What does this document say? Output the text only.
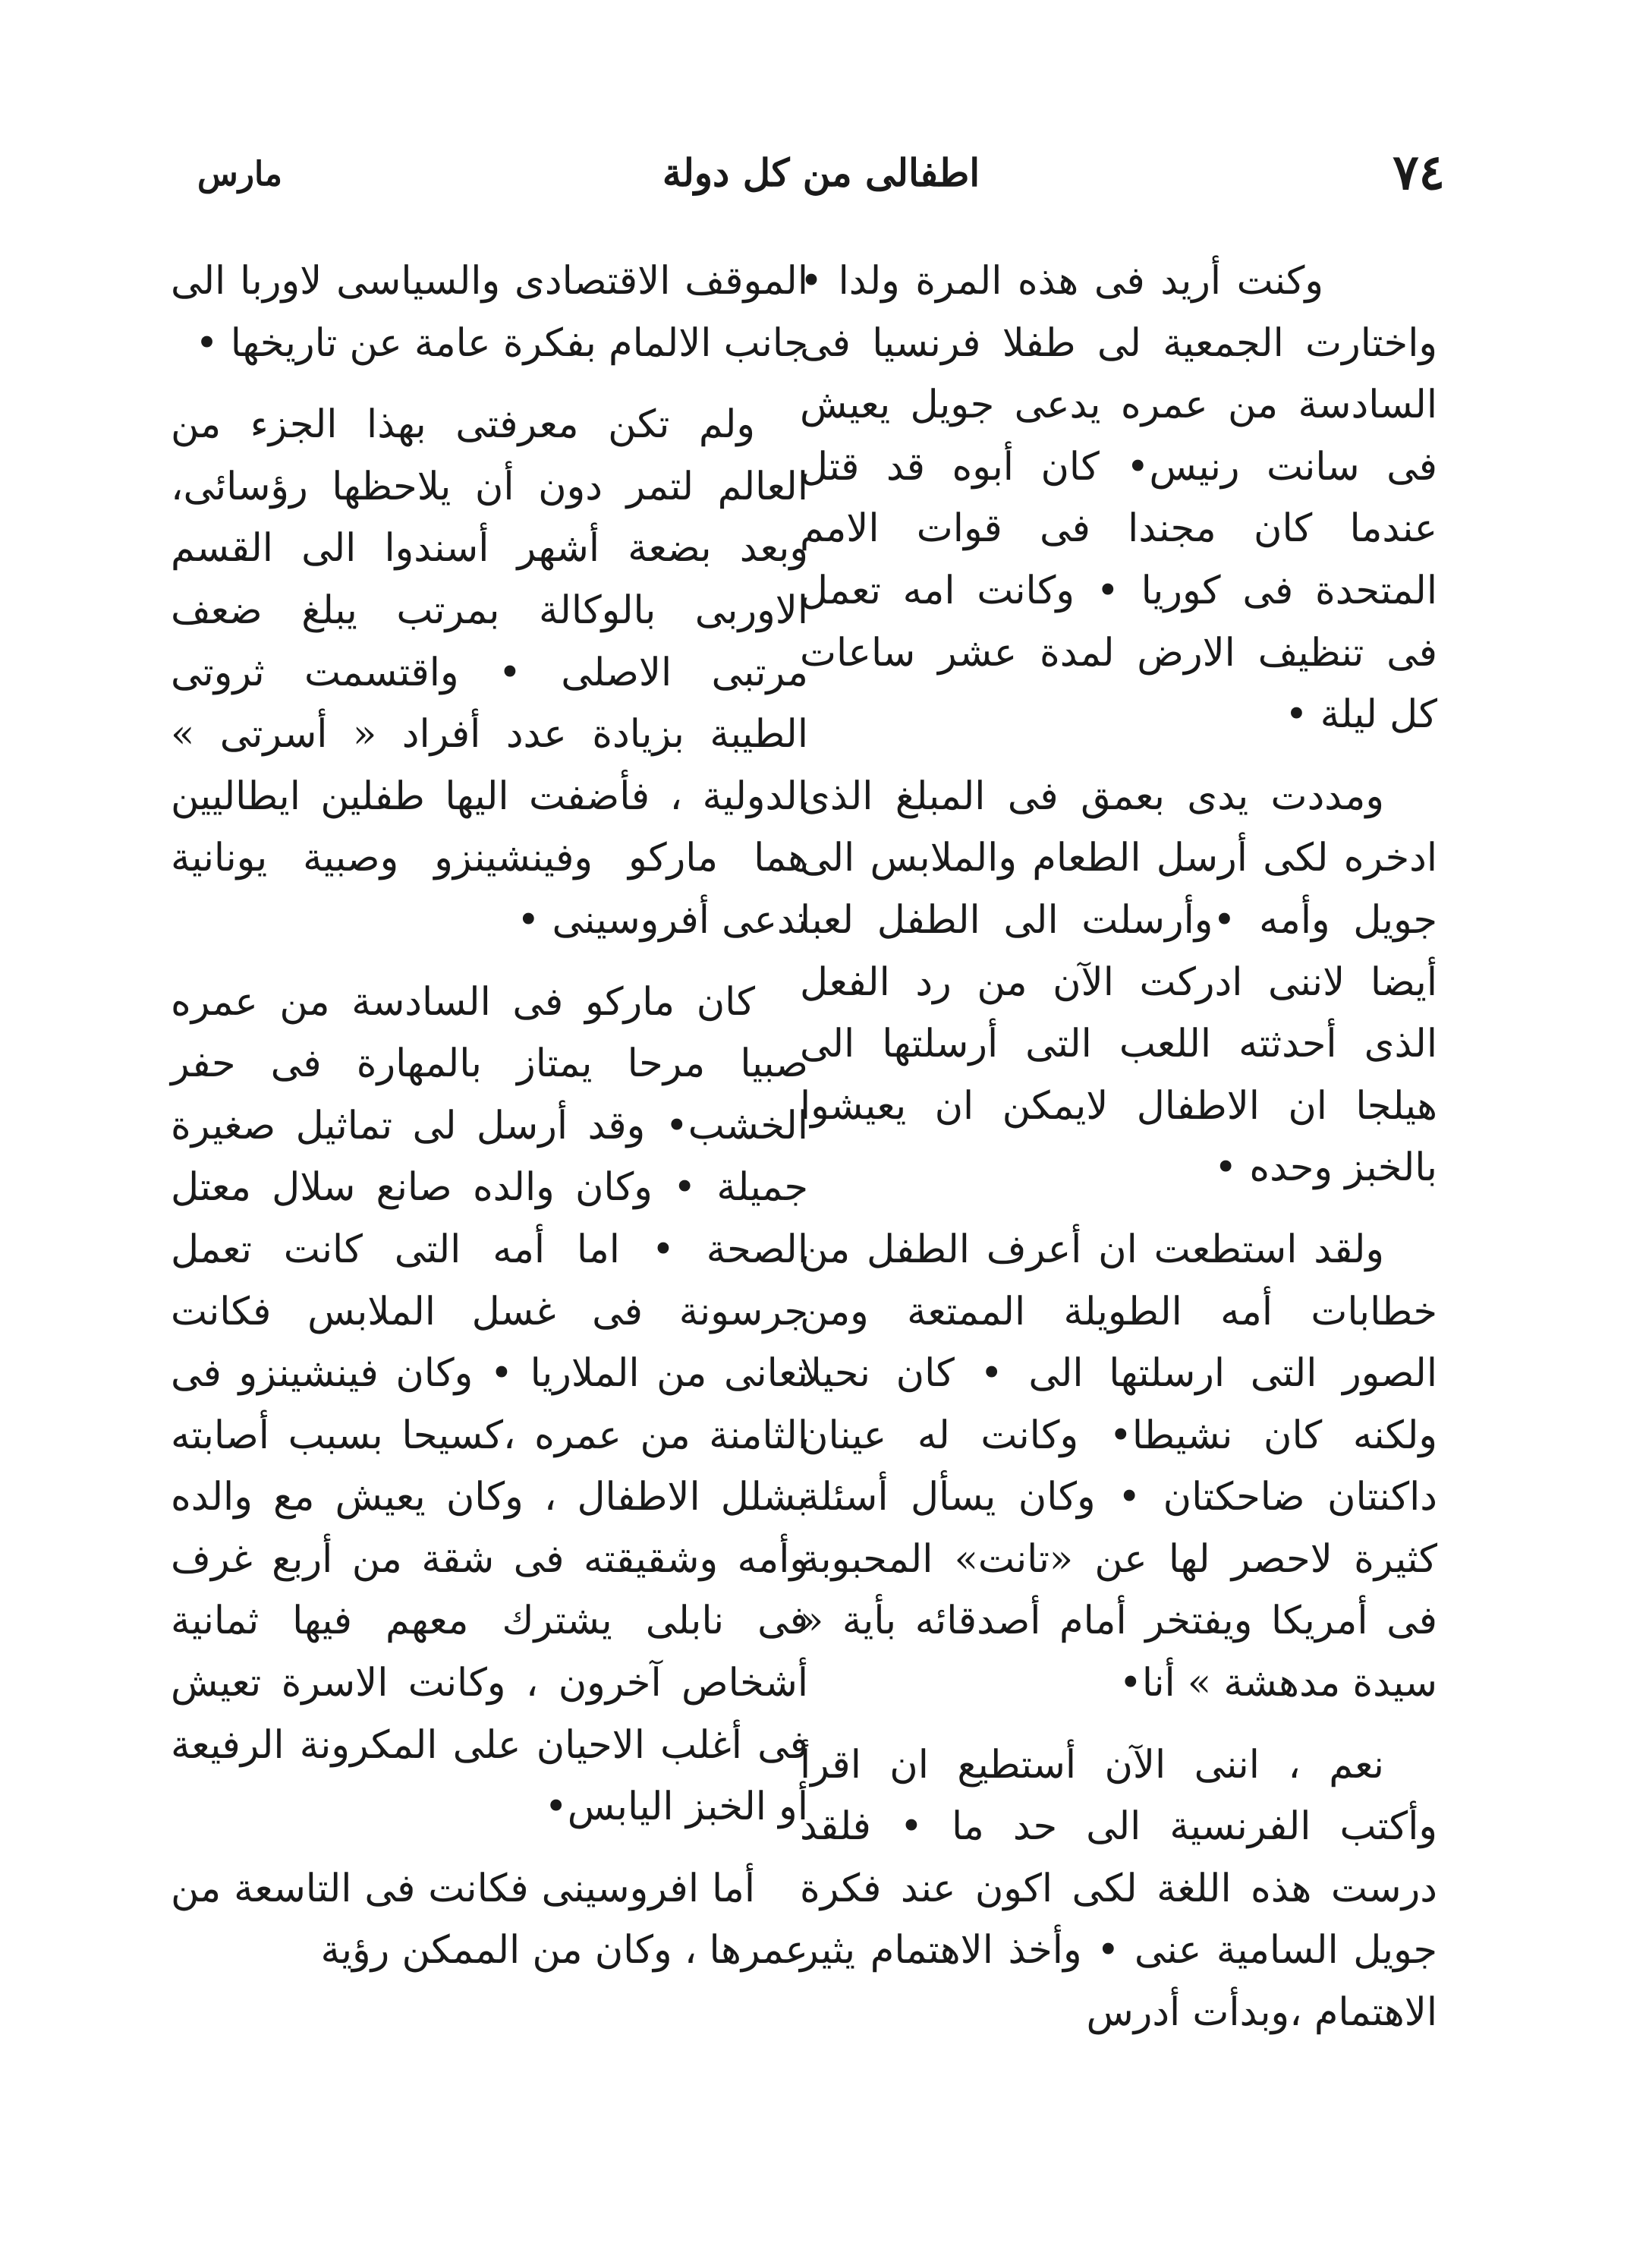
٧٤
اطفالى من كل دولة
مارس

وكنت أريد فى هذه المرة ولدا • واختارت الجمعية لى طفلا فرنسيا فى السادسة من عمره يدعى جويل يعيش فى سانت رنيس• كان أبوه قد قتل عندما كان مجندا فى قوات الامم المتحدة فى كوريا • وكانت امه تعمل فى تنظيف الارض لمدة عشر ساعات كل ليلة •

ومددت يدى بعمق فى المبلغ الذى ادخره لكى أرسل الطعام والملابس الى جويل وأمه •وأرسلت الى الطفل لعبا أيضا لاننى ادركت الآن من رد الفعل الذى أحدثته اللعب التى أرسلتها الى هيلجا ان الاطفال لايمكن ان يعيشوا بالخبز وحده •

ولقد استطعت ان أعرف الطفل من خطابات أمه الطويلة الممتعة ومن الصور التى ارسلتها الى • كان نحيلا ولكنه كان نشيطا• وكانت له عينان داكنتان ضاحكتان • وكان يسأل أسئلة كثيرة لاحصر لها عن «تانت» المحبوبة فى أمريكا ويفتخر أمام أصدقائه بأية « سيدة مدهشة » أنا•

نعم ، اننى الآن أستطيع ان اقرأ وأكتب الفرنسية الى حد ما • فلقد درست هذه اللغة لكى اكون عند فكرة جويل السامية عنى • وأخذ الاهتمام يثير الاهتمام ،وبدأت أدرس

الموقف الاقتصادى والسياسى لاوربا الى جانب الالمام بفكرة عامة عن تاريخها •

ولم تكن معرفتى بهذا الجزء من العالم لتمر دون أن يلاحظها رؤسائى، وبعد بضعة أشهر أسندوا الى القسم الاوربى بالوكالة بمرتب يبلغ ضعف مرتبى الاصلى • واقتسمت ثروتى الطيبة بزيادة عدد أفراد « أسرتى » الدولية ، فأضفت اليها طفلين ايطاليين هما ماركو وفينشينزو وصبية يونانية تدعى أفروسينى •

كان ماركو فى السادسة من عمره صبيا مرحا يمتاز بالمهارة فى حفر الخشب• وقد أرسل لى تماثيل صغيرة جميلة • وكان والده صانع سلال معتل الصحة • اما أمه التى كانت تعمل جرسونة فى غسل الملابس فكانت تعانى من الملاريا • وكان فينشينزو فى الثامنة من عمره ،كسيحا بسبب أصابته بشلل الاطفال ، وكان يعيش مع والده وأمه وشقيقته فى شقة من أربع غرف فى نابلى يشترك معهم فيها ثمانية أشخاص آخرون ، وكانت الاسرة تعيش فى أغلب الاحيان على المكرونة الرفيعة أو الخبز اليابس•

أما افروسينى فكانت فى التاسعة من عمرها ، وكان من الممكن رؤية
